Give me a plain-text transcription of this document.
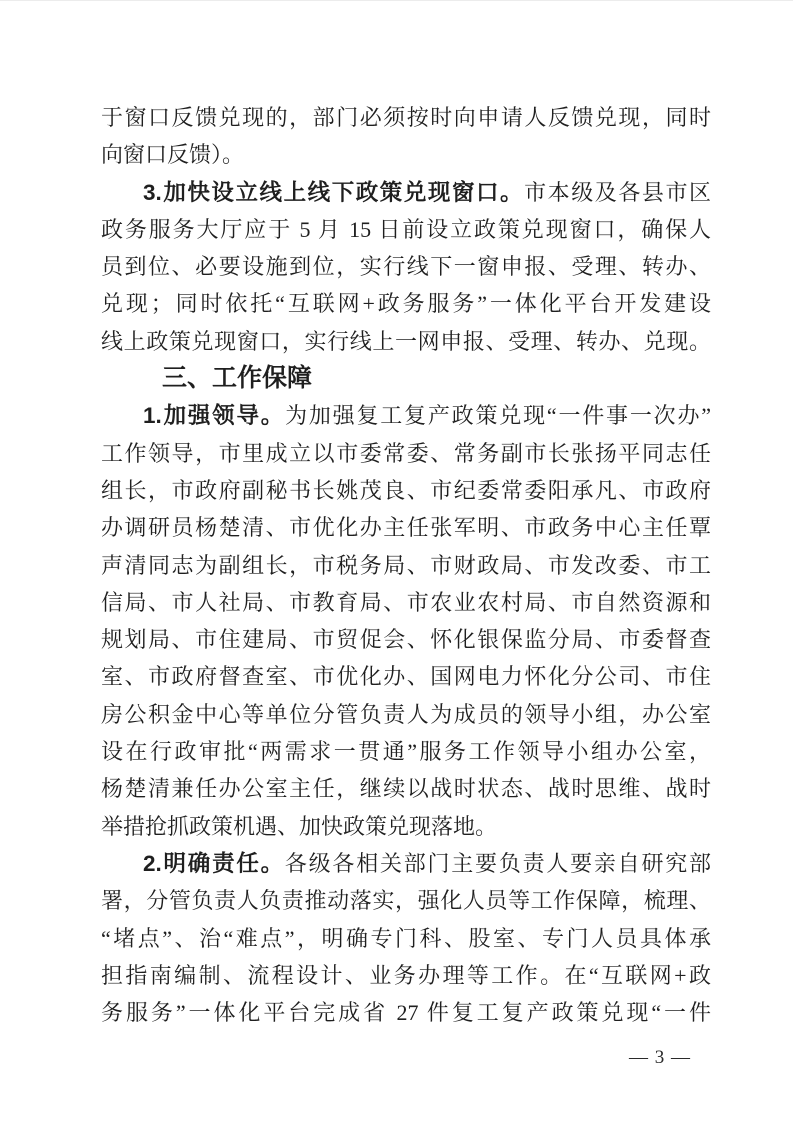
于窗口反馈兑现的，部门必须按时向申请人反馈兑现，同时
向窗口反馈）。
3.加快设立线上线下政策兑现窗口。市本级及各县市区
政务服务大厅应于 5 月 15 日前设立政策兑现窗口，确保人
员到位、必要设施到位，实行线下一窗申报、受理、转办、
兑现；同时依托“互联网+政务服务”一体化平台开发建设
线上政策兑现窗口，实行线上一网申报、受理、转办、兑现。
三、工作保障
1.加强领导。为加强复工复产政策兑现“一件事一次办”
工作领导，市里成立以市委常委、常务副市长张扬平同志任
组长，市政府副秘书长姚茂良、市纪委常委阳承凡、市政府
办调研员杨楚清、市优化办主任张军明、市政务中心主任覃
声清同志为副组长，市税务局、市财政局、市发改委、市工
信局、市人社局、市教育局、市农业农村局、市自然资源和
规划局、市住建局、市贸促会、怀化银保监分局、市委督查
室、市政府督查室、市优化办、国网电力怀化分公司、市住
房公积金中心等单位分管负责人为成员的领导小组，办公室
设在行政审批“两需求一贯通”服务工作领导小组办公室，
杨楚清兼任办公室主任，继续以战时状态、战时思维、战时
举措抢抓政策机遇、加快政策兑现落地。
2.明确责任。各级各相关部门主要负责人要亲自研究部
署，分管负责人负责推动落实，强化人员等工作保障，梳理、
“堵点”、治“难点”，明确专门科、股室、专门人员具体承
担指南编制、流程设计、业务办理等工作。在“互联网+政
务服务”一体化平台完成省 27 件复工复产政策兑现“一件
— 3 —
